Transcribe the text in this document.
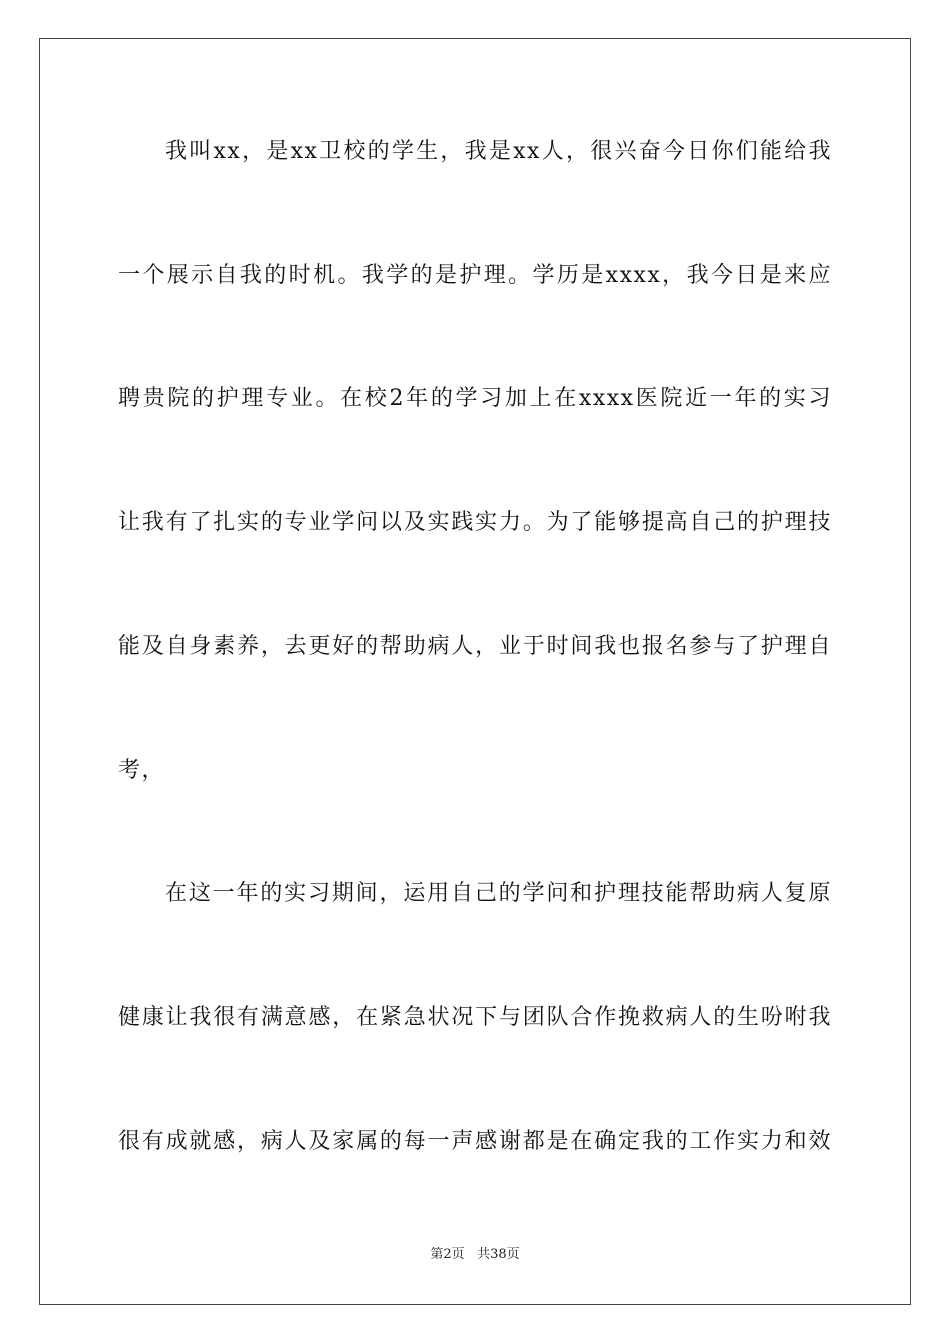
我叫xx，是xx卫校的学生，我是xx人，很兴奋今日你们能给我
一个展示自我的时机。我学的是护理。学历是xxxx，我今日是来应
聘贵院的护理专业。在校2年的学习加上在xxxx医院近一年的实习
让我有了扎实的专业学问以及实践实力。为了能够提高自己的护理技
能及自身素养，去更好的帮助病人，业于时间我也报名参与了护理自
考，
在这一年的实习期间，运用自己的学问和护理技能帮助病人复原
健康让我很有满意感，在紧急状况下与团队合作挽救病人的生吩咐我
很有成就感，病人及家属的每一声感谢都是在确定我的工作实力和效
第2页 共38页
